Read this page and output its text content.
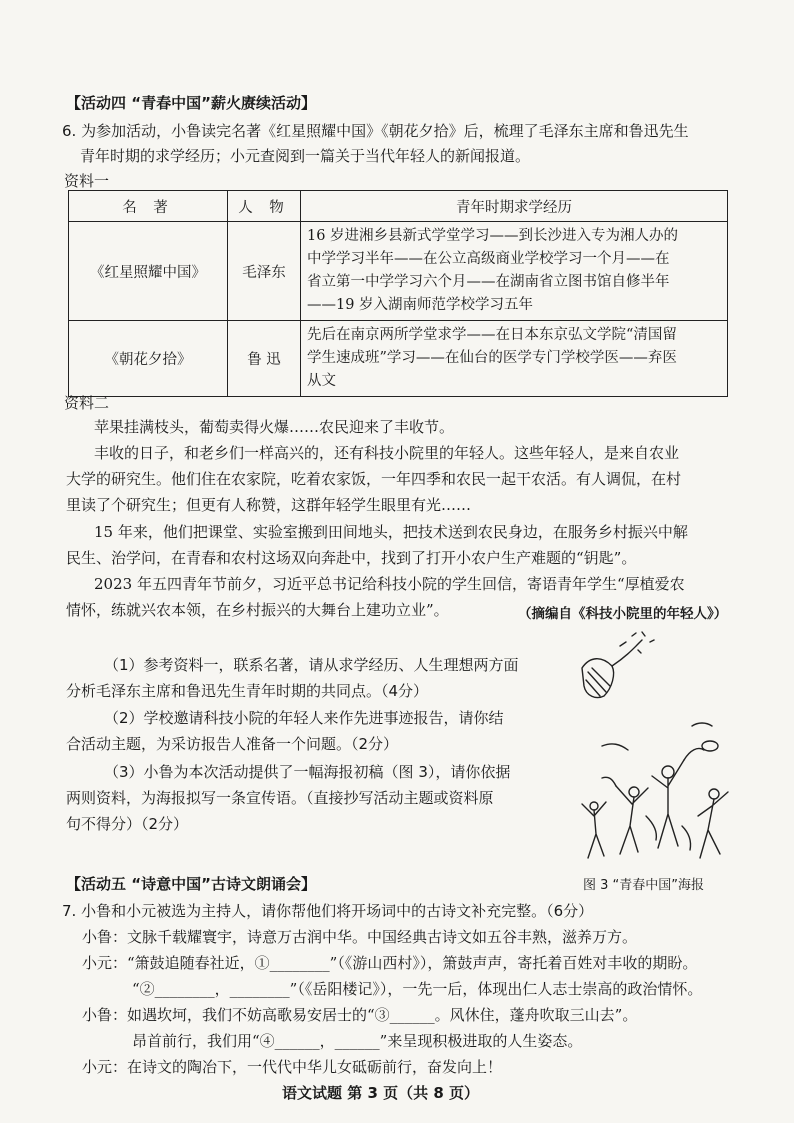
【活动四 “青春中国”薪火赓续活动】
6. 为参加活动，小鲁读完名著《红星照耀中国》《朝花夕拾》后，梳理了毛泽东主席和鲁迅先生
青年时期的求学经历；小元查阅到一篇关于当代年轻人的新闻报道。
资料一
名 著	人 物	青年时期求学经历
《红星照耀中国》	毛泽东	16 岁进湘乡县新式学堂学习——到长沙进入专为湘人办的
中学学习半年——在公立高级商业学校学习一个月——在
省立第一中学学习六个月——在湖南省立图书馆自修半年
——19 岁入湖南师范学校学习五年

《朝花夕拾》	鲁 迅	先后在南京两所学堂求学——在日本东京弘文学院“清国留
学生速成班”学习——在仙台的医学专门学校学医——弃医
从文
资料二
苹果挂满枝头，葡萄卖得火爆……农民迎来了丰收节。
丰收的日子，和老乡们一样高兴的，还有科技小院里的年轻人。这些年轻人，是来自农业
大学的研究生。他们住在农家院，吃着农家饭，一年四季和农民一起干农活。有人调侃，在村
里读了个研究生；但更有人称赞，这群年轻学生眼里有光……
15 年来，他们把课堂、实验室搬到田间地头，把技术送到农民身边，在服务乡村振兴中解
民生、治学问，在青春和农村这场双向奔赴中，找到了打开小农户生产难题的“钥匙”。
2023 年五四青年节前夕，习近平总书记给科技小院的学生回信，寄语青年学生“厚植爱农
情怀，练就兴农本领，在乡村振兴的大舞台上建功立业”。	（摘编自《科技小院里的年轻人》）
（1）参考资料一，联系名著，请从求学经历、人生理想两方面
分析毛泽东主席和鲁迅先生青年时期的共同点。（4分）
（2）学校邀请科技小院的年轻人来作先进事迹报告，请你结
合活动主题，为采访报告人准备一个问题。（2分）
（3）小鲁为本次活动提供了一幅海报初稿（图 3），请你依据
两则资料，为海报拟写一条宣传语。（直接抄写活动主题或资料原
句不得分）（2分）
图 3 “青春中国”海报
【活动五 “诗意中国”古诗文朗诵会】
7. 小鲁和小元被选为主持人，请你帮他们将开场词中的古诗文补充完整。（6分）
小鲁：文脉千载耀寰宇，诗意万古润中华。中国经典古诗文如五谷丰熟，滋养万方。
小元：“箫鼓追随春社近，①________”（《游山西村》），箫鼓声声，寄托着百姓对丰收的期盼。
“②________，________”（《岳阳楼记》），一先一后，体现出仁人志士崇高的政治情怀。
小鲁：如遇坎坷，我们不妨高歌易安居士的“③______。风休住，蓬舟吹取三山去”。
昂首前行，我们用“④______，______”来呈现积极进取的人生姿态。
小元：在诗文的陶冶下，一代代中华儿女砥砺前行，奋发向上！
语文试题 第 3 页（共 8 页）
